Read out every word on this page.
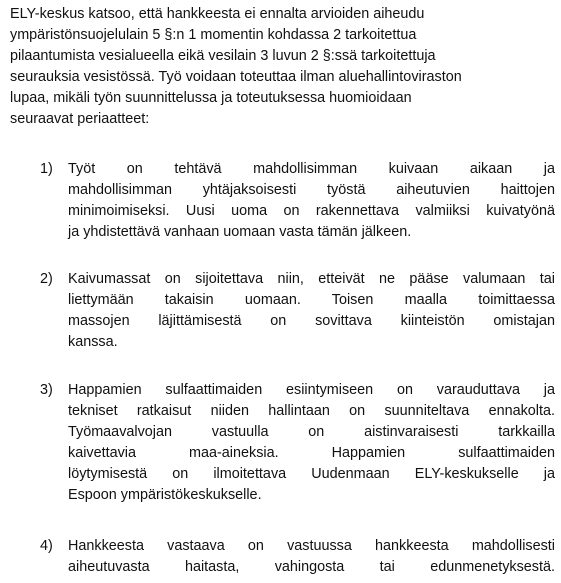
ELY-keskus katsoo, että hankkeesta ei ennalta arvioiden aiheudu
ympäristönsuojelulain 5 §:n 1 momentin kohdassa 2 tarkoitettua
pilaantumista vesialueella eikä vesilain 3 luvun 2 §:ssä tarkoitettuja
seurauksia vesistössä. Työ voidaan toteuttaa ilman aluehallintoviraston
lupaa, mikäli työn suunnittelussa ja toteutuksessa huomioidaan
seuraavat periaatteet:
1)	Työt on tehtävä mahdollisimman kuivaan aikaan ja
mahdollisimman yhtäjaksoisesti työstä aiheutuvien haittojen
minimoimiseksi. Uusi uoma on rakennettava valmiiksi kuivatyönä
ja yhdistettävä vanhaan uomaan vasta tämän jälkeen.
2)	Kaivumassat on sijoitettava niin, etteivät ne pääse valumaan tai
liettymään takaisin uomaan. Toisen maalla toimittaessa
massojen läjittämisestä on sovittava kiinteistön omistajan
kanssa.
3)	Happamien sulfaattimaiden esiintymiseen on varauduttava ja
tekniset ratkaisut niiden hallintaan on suunniteltava ennakolta.
Työmaavalvojan vastuulla on aistinvaraisesti tarkkailla
kaivettavia maa-aineksia. Happamien sulfaattimaiden
löytymisestä on ilmoitettava Uudenmaan ELY-keskukselle ja
Espoon ympäristökeskukselle.
4)	Hankkeesta vastaava on vastuussa hankkeesta mahdollisesti
aiheutuvasta haitasta, vahingosta tai edunmenetyksestä.
